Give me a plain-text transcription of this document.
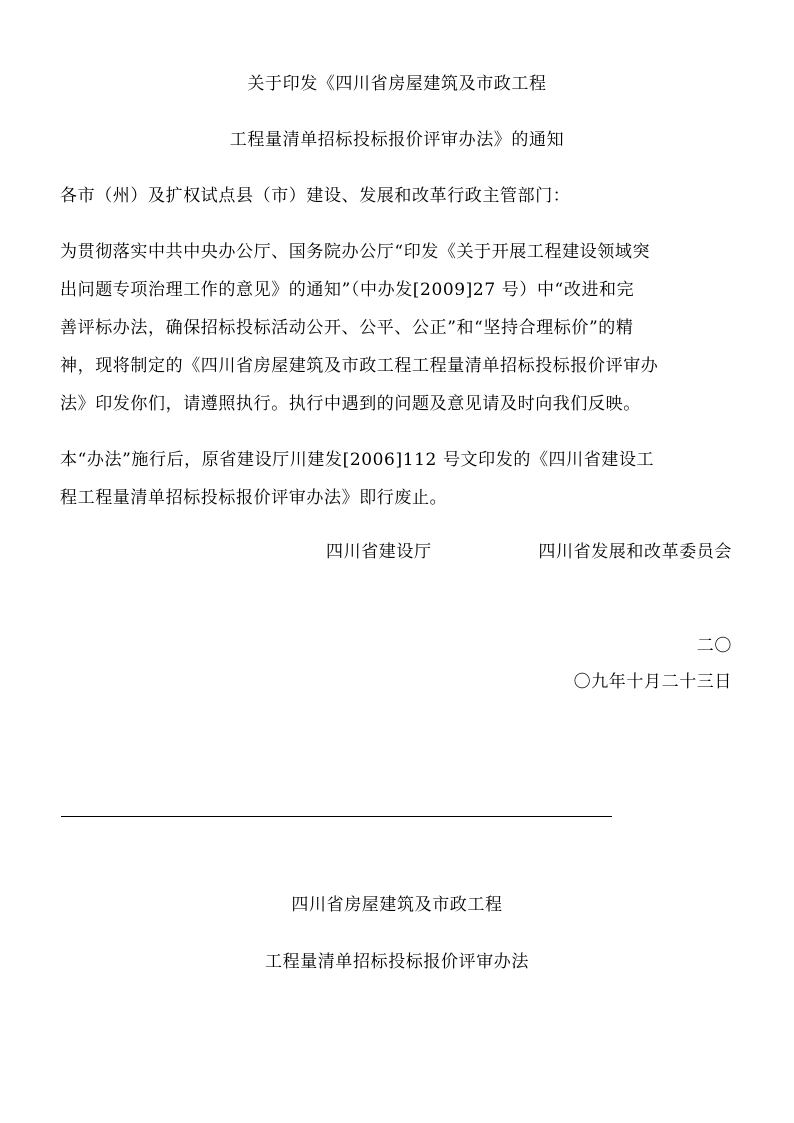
关于印发《四川省房屋建筑及市政工程
工程量清单招标投标报价评审办法》的通知
各市（州）及扩权试点县（市）建设、发展和改革行政主管部门：
为贯彻落实中共中央办公厅、国务院办公厅“印发《关于开展工程建设领域突
出问题专项治理工作的意见》的通知”（中办发[2009]27 号）中“改进和完
善评标办法，确保招标投标活动公开、公平、公正”和“坚持合理标价”的精
神，现将制定的《四川省房屋建筑及市政工程工程量清单招标投标报价评审办
法》印发你们，请遵照执行。执行中遇到的问题及意见请及时向我们反映。
本“办法”施行后，原省建设厅川建发[2006]112 号文印发的《四川省建设工
程工程量清单招标投标报价评审办法》即行废止。
四川省建设厅	四川省发展和改革委员会
二〇
〇九年十月二十三日
四川省房屋建筑及市政工程
工程量清单招标投标报价评审办法
